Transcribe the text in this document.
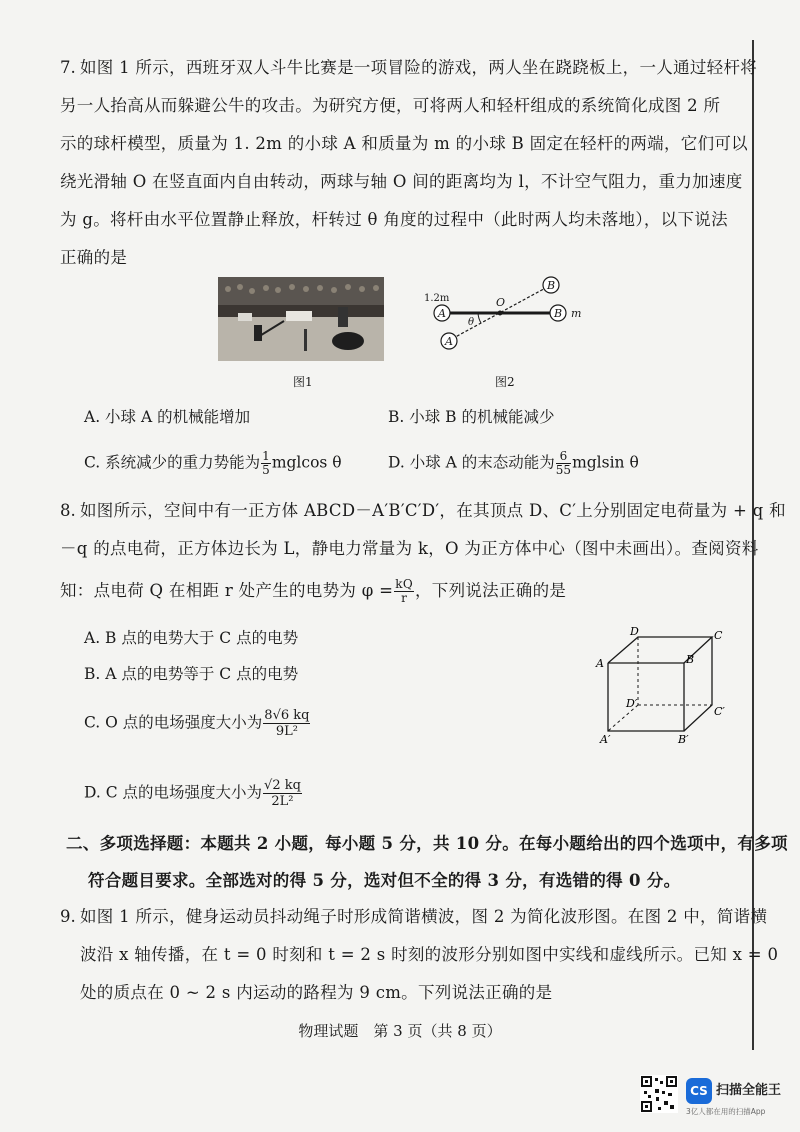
7. 如图 1 所示，西班牙双人斗牛比赛是一项冒险的游戏，两人坐在跷跷板上，一人通过轻杆将
另一人抬高从而躲避公牛的攻击。为研究方便，可将两人和轻杆组成的系统简化成图 2 所
示的球杆模型，质量为 1. 2m 的小球 A 和质量为 m 的小球 B 固定在轻杆的两端，它们可以
绕光滑轴 O 在竖直面内自由转动，两球与轴 O 间的距离均为 l，不计空气阻力，重力加速度
为 g。将杆由水平位置静止释放，杆转过 θ 角度的过程中（此时两人均未落地），以下说法
正确的是
图1
A	B
A
B
O
θ
1.2m
m
图2
A. 小球 A 的机械能增加	B. 小球 B 的机械能减少
C. 系统减少的重力势能为 $\frac{1}{5}$ mglcos θ	D. 小球 A 的末态动能为 $\frac{6}{55}$ mglsin θ
8. 如图所示，空间中有一正方体 ABCD－A′B′C′D′，在其顶点 D、C′上分别固定电荷量为 + q 和
－q 的点电荷，正方体边长为 L，静电力常量为 k，O 为正方体中心（图中未画出）。查阅资料
知：点电荷 Q 在相距 r 处产生的电势为 $\varphi = \frac{kQ}{r}$ ，下列说法正确的是
A. B 点的电势大于 C 点的电势
B. A 点的电势等于 C 点的电势
C. O 点的电场强度大小为 $\frac{8√6 kq}{\text{9L²}}$
D. C 点的电场强度大小为 $\frac{√2 kq}{\text{2L²}}$
A
D	C
B
D′
C′
A′	B′
二、多项选择题：本题共 2 小题，每小题 5 分，共 10 分。在每小题给出的四个选项中，有多项
符合题目要求。全部选对的得 5 分，选对但不全的得 3 分，有选错的得 0 分。
9. 如图 1 所示，健身运动员抖动绳子时形成简谐横波，图 2 为简化波形图。在图 2 中，简谐横
波沿 x 轴传播，在 t = 0 时刻和 t = 2 s 时刻的波形分别如图中实线和虚线所示。已知 x = 0
处的质点在 0 ~ 2 s 内运动的路程为 9 cm。下列说法正确的是
物理试题　第 3 页（共 8 页）
CS 扫描全能王
3亿人都在用的扫描App
